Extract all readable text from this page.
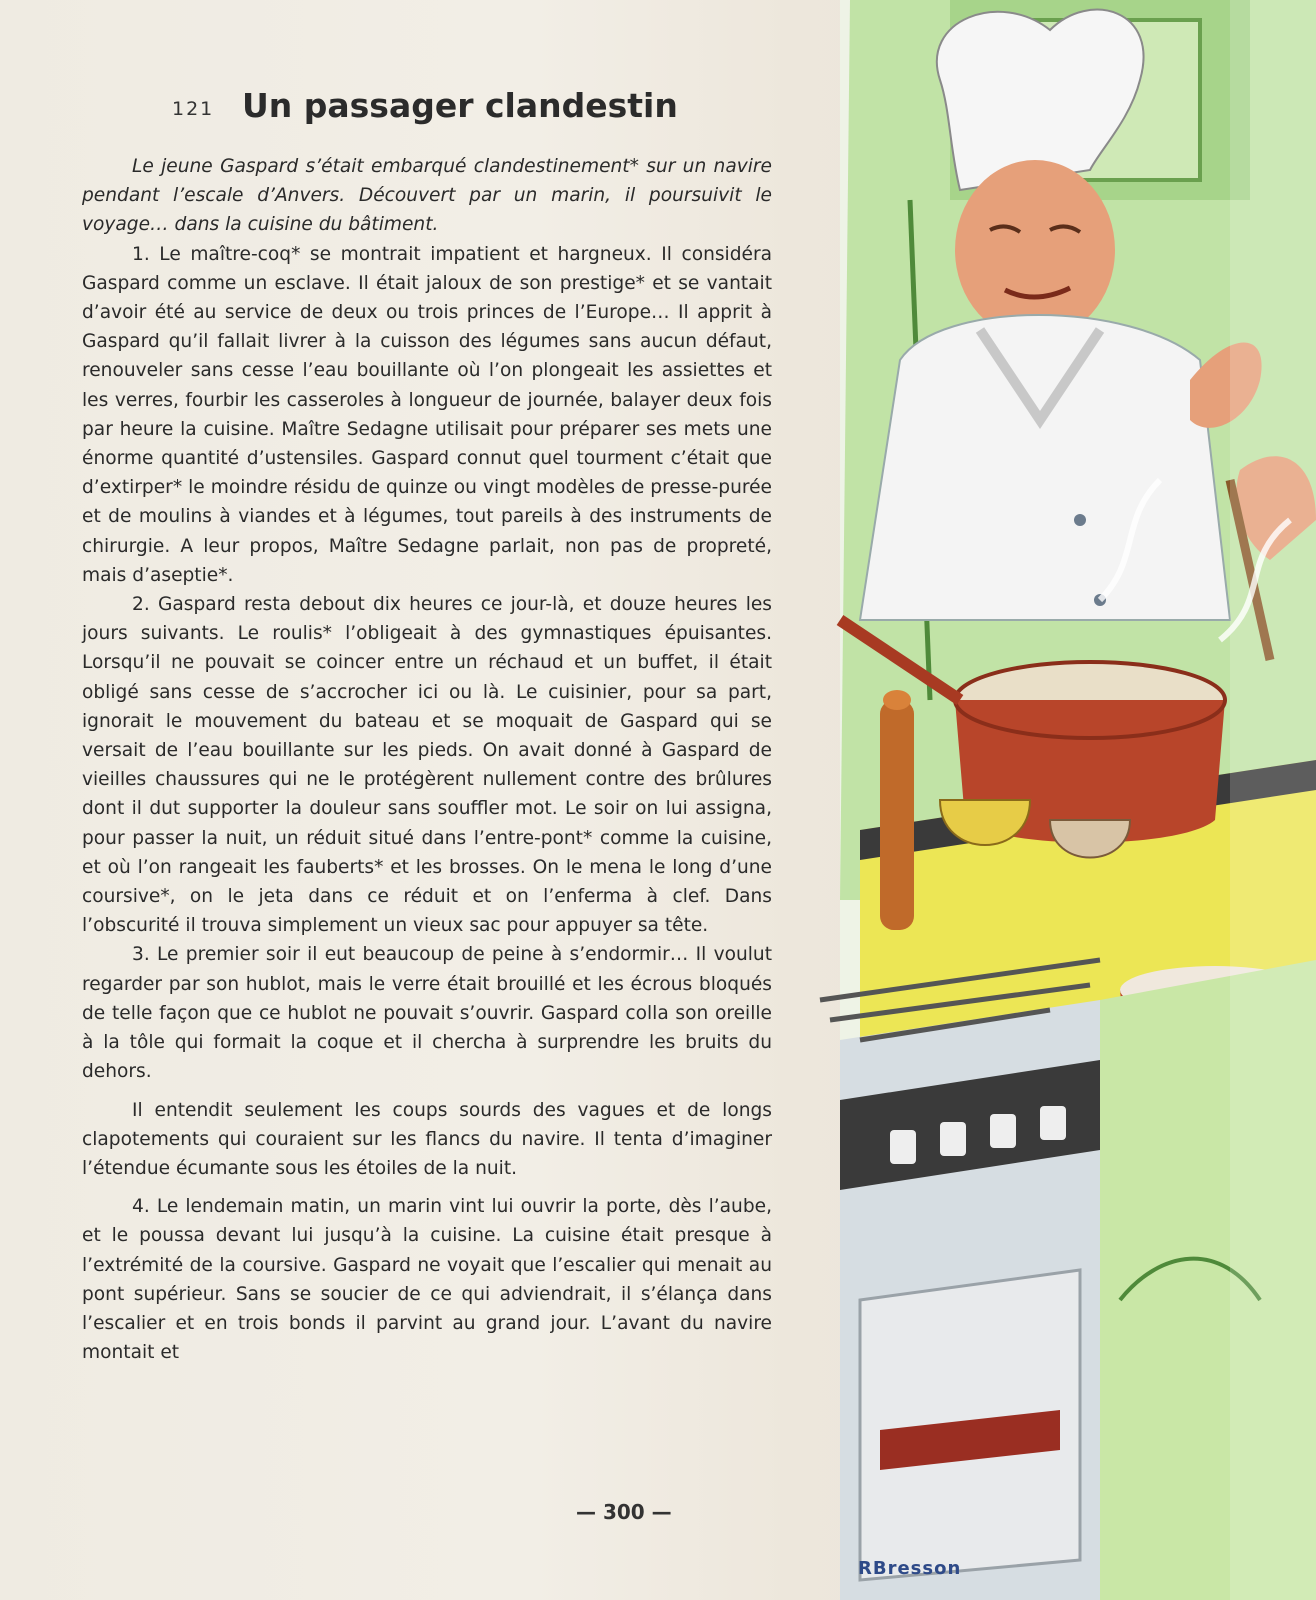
121 Un passager clandestin

Le jeune Gaspard s’était embarqué clandestinement* sur un navire pendant l’escale d’Anvers. Découvert par un marin, il poursuivit le voyage… dans la cuisine du bâtiment.

1. Le maître-coq* se montrait impatient et hargneux. Il considéra Gaspard comme un esclave. Il était jaloux de son prestige* et se vantait d’avoir été au service de deux ou trois princes de l’Europe… Il apprit à Gaspard qu’il fallait livrer à la cuisson des légumes sans aucun défaut, renouveler sans cesse l’eau bouillante où l’on plongeait les assiettes et les verres, fourbir les casseroles à longueur de journée, balayer deux fois par heure la cuisine. Maître Sedagne utilisait pour préparer ses mets une énorme quantité d’ustensiles. Gaspard connut quel tourment c’était que d’extirper* le moindre résidu de quinze ou vingt modèles de presse-purée et de moulins à viandes et à légumes, tout pareils à des instruments de chirurgie. A leur propos, Maître Sedagne parlait, non pas de propreté, mais d’aseptie*.

2. Gaspard resta debout dix heures ce jour-là, et douze heures les jours suivants. Le roulis* l’obligeait à des gymnastiques épuisantes. Lorsqu’il ne pouvait se coincer entre un réchaud et un buffet, il était obligé sans cesse de s’accrocher ici ou là. Le cuisinier, pour sa part, ignorait le mouvement du bateau et se moquait de Gaspard qui se versait de l’eau bouillante sur les pieds. On avait donné à Gaspard de vieilles chaussures qui ne le protégèrent nullement contre des brûlures dont il dut supporter la douleur sans souffler mot. Le soir on lui assigna, pour passer la nuit, un réduit situé dans l’entre-pont* comme la cuisine, et où l’on rangeait les fauberts* et les brosses. On le mena le long d’une coursive*, on le jeta dans ce réduit et on l’enferma à clef. Dans l’obscurité il trouva simplement un vieux sac pour appuyer sa tête.

3. Le premier soir il eut beaucoup de peine à s’endormir… Il voulut regarder par son hublot, mais le verre était brouillé et les écrous bloqués de telle façon que ce hublot ne pouvait s’ouvrir. Gaspard colla son oreille à la tôle qui formait la coque et il chercha à surprendre les bruits du dehors.

Il entendit seulement les coups sourds des vagues et de longs clapotements qui couraient sur les flancs du navire. Il tenta d’imaginer l’étendue écumante sous les étoiles de la nuit.

4. Le lendemain matin, un marin vint lui ouvrir la porte, dès l’aube, et le poussa devant lui jusqu’à la cuisine. La cuisine était presque à l’extrémité de la coursive. Gaspard ne voyait que l’escalier qui menait au pont supérieur. Sans se soucier de ce qui adviendrait, il s’élança dans l’escalier et en trois bonds il parvint au grand jour. L’avant du navire montait et

— 300 —
RBresson
